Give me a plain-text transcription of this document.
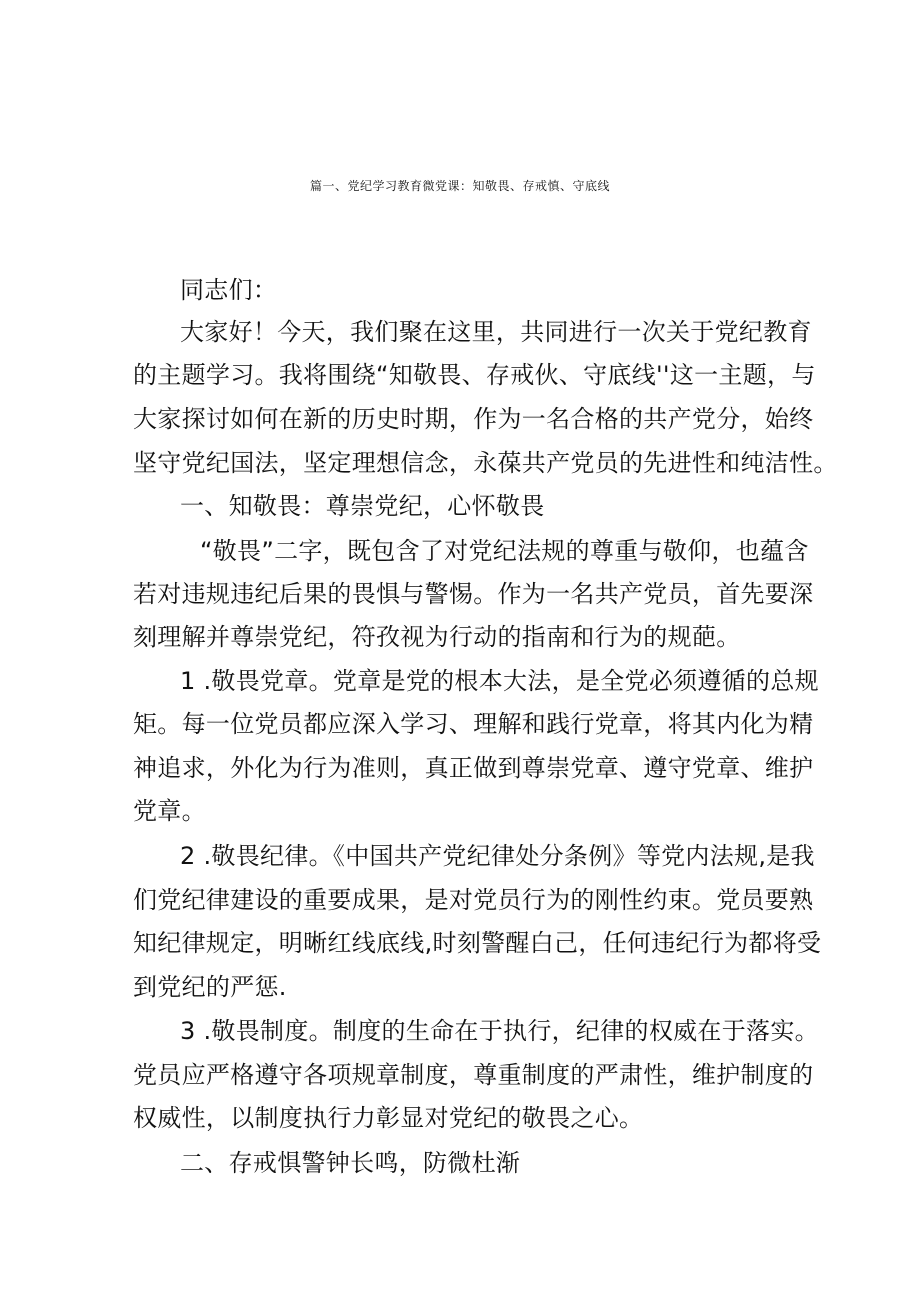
篇一、党纪学习教育微党课：知敬畏、存戒慎、守底线
同志们：
大家好！今天，我们聚在这里，共同进行一次关于党纪教育
的主题学习。我将围绕“知敬畏、存戒伙、守底线''这一主题，与
大家探讨如何在新的历史时期，作为一名合格的共产党分，始终
坚守党纪国法，坚定理想信念，永葆共产党员的先进性和纯洁性。
一、知敬畏：尊崇党纪，心怀敬畏
“敬畏”二字，既包含了对党纪法规的尊重与敬仰，也蕴含
若对违规违纪后果的畏惧与警惕。作为一名共产党员，首先要深
刻理解并尊崇党纪，符孜视为行动的指南和行为的规葩。
1 .敬畏党章。党章是党的根本大法，是全党必须遵循的总规
矩。每一位党员都应深入学习、理解和践行党章，将其内化为精
神追求，外化为行为准则，真正做到尊崇党章、遵守党章、维护
党章。
2 .敬畏纪律。《中国共产党纪律处分条例》等党内法规,是我
们党纪律建设的重要成果，是对党员行为的刚性约束。党员要熟
知纪律规定，明晰红线底线,时刻警醒白己，任何违纪行为都将受
到党纪的严惩.
3 .敬畏制度。制度的生命在于执行，纪律的权威在于落实。
党员应严格遵守各项规章制度，尊重制度的严肃性，维护制度的
权威性，以制度执行力彰显对党纪的敬畏之心。
二、存戒惧警钟长鸣，防微杜渐
